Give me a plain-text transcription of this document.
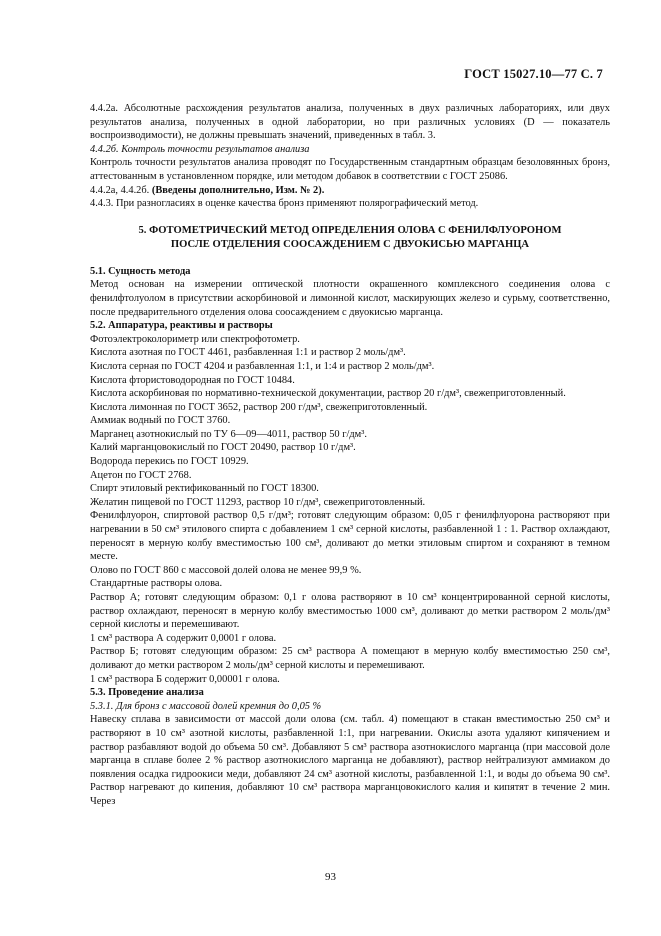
ГОСТ 15027.10—77 С. 7

4.4.2а. Абсолютные расхождения результатов анализа, полученных в двух различных лабораториях, или двух результатов анализа, полученных в одной лаборатории, но при различных условиях (D — показатель воспроизводимости), не должны превышать значений, приведенных в табл. 3.

4.4.2б. Контроль точности результатов анализа

Контроль точности результатов анализа проводят по Государственным стандартным образцам безоловянных бронз, аттестованным в установленном порядке, или методом добавок в соответствии с ГОСТ 25086.

4.4.2а, 4.4.2б. (Введены дополнительно, Изм. № 2).

4.4.3. При разногласиях в оценке качества бронз применяют полярографический метод.

5. ФОТОМЕТРИЧЕСКИЙ МЕТОД ОПРЕДЕЛЕНИЯ ОЛОВА С ФЕНИЛФЛУОРОНОМ
ПОСЛЕ ОТДЕЛЕНИЯ СООСАЖДЕНИЕМ С ДВУОКИСЬЮ МАРГАНЦА
5.1. Сущность метода

Метод основан на измерении оптической плотности окрашенного комплексного соединения олова с фенилфтолуолом в присутствии аскорбиновой и лимонной кислот, маскирующих железо и сурьму, соответственно, после предварительного отделения олова соосаждением с двуокисью марганца.

5.2. Аппаратура, реактивы и растворы

Фотоэлектроколориметр или спектрофотометр.

Кислота азотная по ГОСТ 4461, разбавленная 1:1 и раствор 2 моль/дм³.

Кислота серная по ГОСТ 4204 и разбавленная 1:1, и 1:4 и раствор 2 моль/дм³.

Кислота фтористоводородная по ГОСТ 10484.

Кислота аскорбиновая по нормативно-технической документации, раствор 20 г/дм³, свежеприготовленный.

Кислота лимонная по ГОСТ 3652, раствор 200 г/дм³, свежеприготовленный.

Аммиак водный по ГОСТ 3760.

Марганец азотнокислый по ТУ 6—09—4011, раствор 50 г/дм³.

Калий марганцовокислый по ГОСТ 20490, раствор 10 г/дм³.

Водорода перекись по ГОСТ 10929.

Ацетон по ГОСТ 2768.

Спирт этиловый ректификованный по ГОСТ 18300.

Желатин пищевой по ГОСТ 11293, раствор 10 г/дм³, свежеприготовленный.

Фенилфлуорон, спиртовой раствор 0,5 г/дм³; готовят следующим образом: 0,05 г фенилфлуорона растворяют при нагревании в 50 см³ этилового спирта с добавлением 1 см³ серной кислоты, разбавленной 1 : 1. Раствор охлаждают, переносят в мерную колбу вместимостью 100 см³, доливают до метки этиловым спиртом и сохраняют в темном месте.

Олово по ГОСТ 860 с массовой долей олова не менее 99,9 %.

Стандартные растворы олова.

Раствор А; готовят следующим образом: 0,1 г олова растворяют в 10 см³ концентрированной серной кислоты, раствор охлаждают, переносят в мерную колбу вместимостью 1000 см³, доливают до метки раствором 2 моль/дм³ серной кислоты и перемешивают.

1 см³ раствора А содержит 0,0001 г олова.

Раствор Б; готовят следующим образом: 25 см³ раствора А помещают в мерную колбу вместимостью 250 см³, доливают до метки раствором 2 моль/дм³ серной кислоты и перемешивают.

1 см³ раствора Б содержит 0,00001 г олова.

5.3. Проведение анализа

5.3.1. Для бронз с массовой долей кремния до 0,05 %

Навеску сплава в зависимости от массой доли олова (см. табл. 4) помещают в стакан вместимостью 250 см³ и растворяют в 10 см³ азотной кислоты, разбавленной 1:1, при нагревании. Окислы азота удаляют кипячением и раствор разбавляют водой до объема 50 см³. Добавляют 5 см³ раствора азотнокислого марганца (при массовой доле марганца в сплаве более 2 % раствор азотнокислого марганца не добавляют), раствор нейтрализуют аммиаком до появления осадка гидроокиси меди, добавляют 24 см³ азотной кислоты, разбавленной 1:1, и воды до объема 90 см³. Раствор нагревают до кипения, добавляют 10 см³ раствора марганцовокислого калия и кипятят в течение 2 мин. Через

93
